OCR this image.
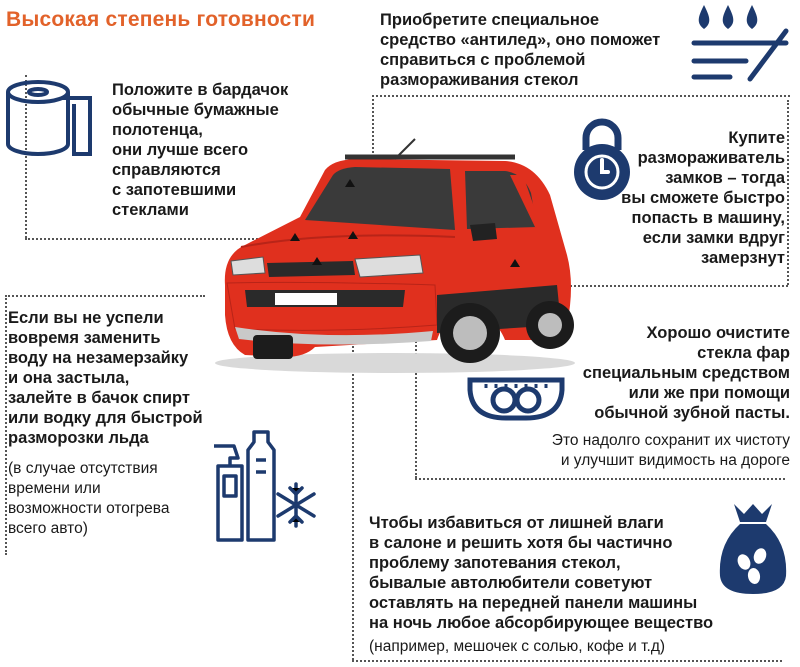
Высокая степень готовности
Положите в бардачок
обычные бумажные
полотенца,
они лучше всего
справляются
с запотевшими
стеклами
Приобретите специальное
средство «антилед», оно поможет
справиться с проблемой
размораживания стекол
Купите
размораживатель
замков – тогда
вы сможете быстро
попасть в машину,
если замки вдруг
замерзнут
Если вы не успели
вовремя заменить
воду на незамерзайку
и она застыла,
залейте в бачок спирт
или водку для быстрой
разморозки льда
(в случае отсутствия
времени или
возможности отогрева
всего авто)
Хорошо очистите
стекла фар
специальным средством
или же при помощи
обычной зубной пасты.
Это надолго сохранит их чистоту
и улучшит видимость на дороге
Чтобы избавиться от лишней влаги
в салоне и решить хотя бы частично
проблему запотевания стекол,
бывалые автолюбители советуют
оставлять на передней панели машины
на ночь любое абсорбирующее вещество
(например, мешочек с солью, кофе и т.д)
